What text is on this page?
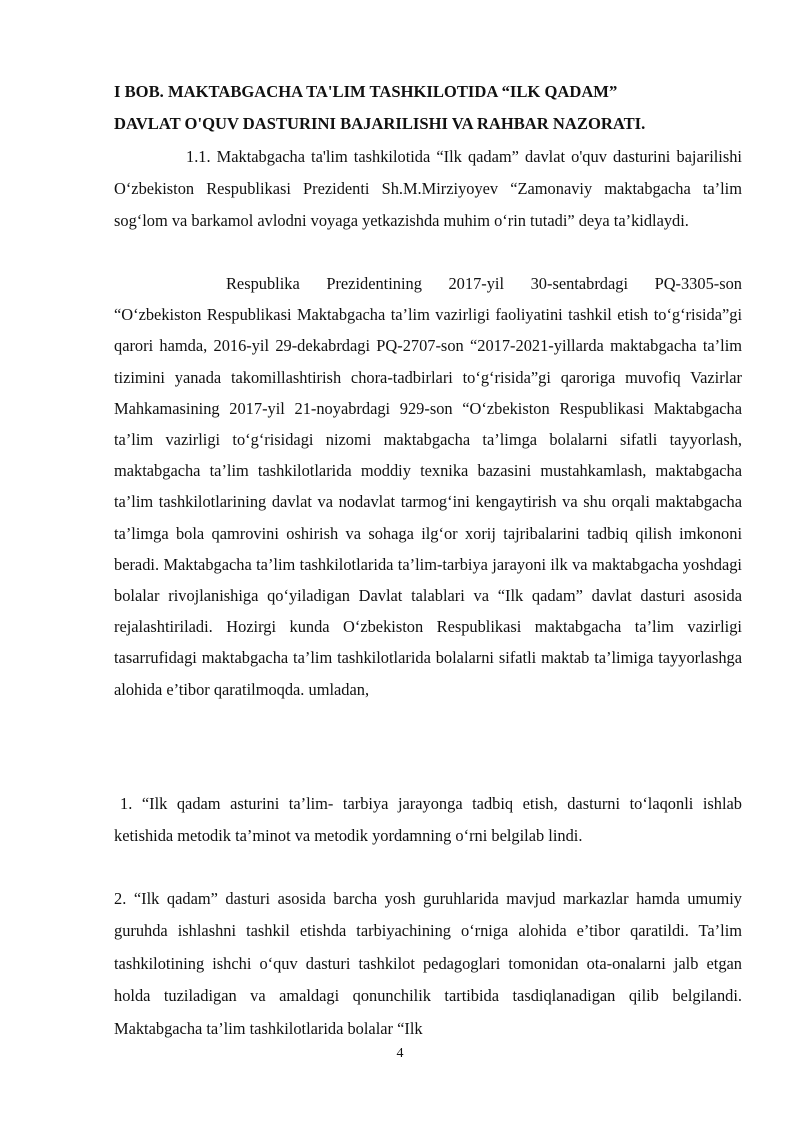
I BOB. MAKTABGACHA TA'LIM TASHKILOTIDA “ILK QADAM”
DAVLAT O'QUV DASTURINI BAJARILISHI VA RAHBAR NAZORATI.
1.1. Maktabgacha ta'lim tashkilotida “Ilk qadam” davlat o'quv dasturini bajarilishi O‘zbekiston Respublikasi Prezidenti Sh.M.Mirziyoyev “Zamonaviy maktabgacha ta’lim sog‘lom va barkamol avlodni voyaga yetkazishda muhim o‘rin tutadi” deya ta’kidlaydi.
Respublika Prezidentining 2017-yil 30-sentabrdagi PQ-3305-son “O‘zbekiston Respublikasi Maktabgacha ta’lim vazirligi faoliyatini tashkil etish to‘g‘risida”gi qarori hamda, 2016-yil 29-dekabrdagi PQ-2707-son “2017-2021-yillarda maktabgacha ta’lim tizimini yanada takomillashtirish chora-tadbirlari to‘g‘risida”gi qaroriga muvofiq Vazirlar Mahkamasining 2017-yil 21-noyabrdagi 929-son “O‘zbekiston Respublikasi Maktabgacha ta’lim vazirligi to‘g‘risidagi nizomi maktabgacha ta’limga bolalarni sifatli tayyorlash, maktabgacha ta’lim tashkilotlarida moddiy texnika bazasini mustahkamlash, maktabgacha ta’lim tashkilotlarining davlat va nodavlat tarmog‘ini kengaytirish va shu orqali maktabgacha ta’limga bola qamrovini oshirish va sohaga ilg‘or xorij tajribalarini tadbiq qilish imkononi beradi. Maktabgacha ta’lim tashkilotlarida ta’lim-tarbiya jarayoni ilk va maktabgacha yoshdagi bolalar rivojlanishiga qo‘yiladigan Davlat talablari va “Ilk qadam” davlat dasturi asosida rejalashtiriladi. Hozirgi kunda O‘zbekiston Respublikasi maktabgacha ta’lim vazirligi tasarrufidagi maktabgacha ta’lim tashkilotlarida bolalarni sifatli maktab ta’limiga tayyorlashga alohida e’tibor qaratilmoqda. umladan,
1. “Ilk qadam asturini ta’lim- tarbiya jarayonga tadbiq etish, dasturni to‘laqonli ishlab ketishida metodik ta’minot va metodik yordamning o‘rni belgilab lindi.
2. “Ilk qadam” dasturi asosida barcha yosh guruhlarida mavjud markazlar hamda umumiy guruhda ishlashni tashkil etishda tarbiyachining o‘rniga alohida e’tibor qaratildi. Ta’lim tashkilotining ishchi o‘quv dasturi tashkilot pedagoglari tomonidan ota-onalarni jalb etgan holda tuziladigan va amaldagi qonunchilik tartibida tasdiqlanadigan qilib belgilandi. Maktabgacha ta’lim tashkilotlarida bolalar “Ilk
4
